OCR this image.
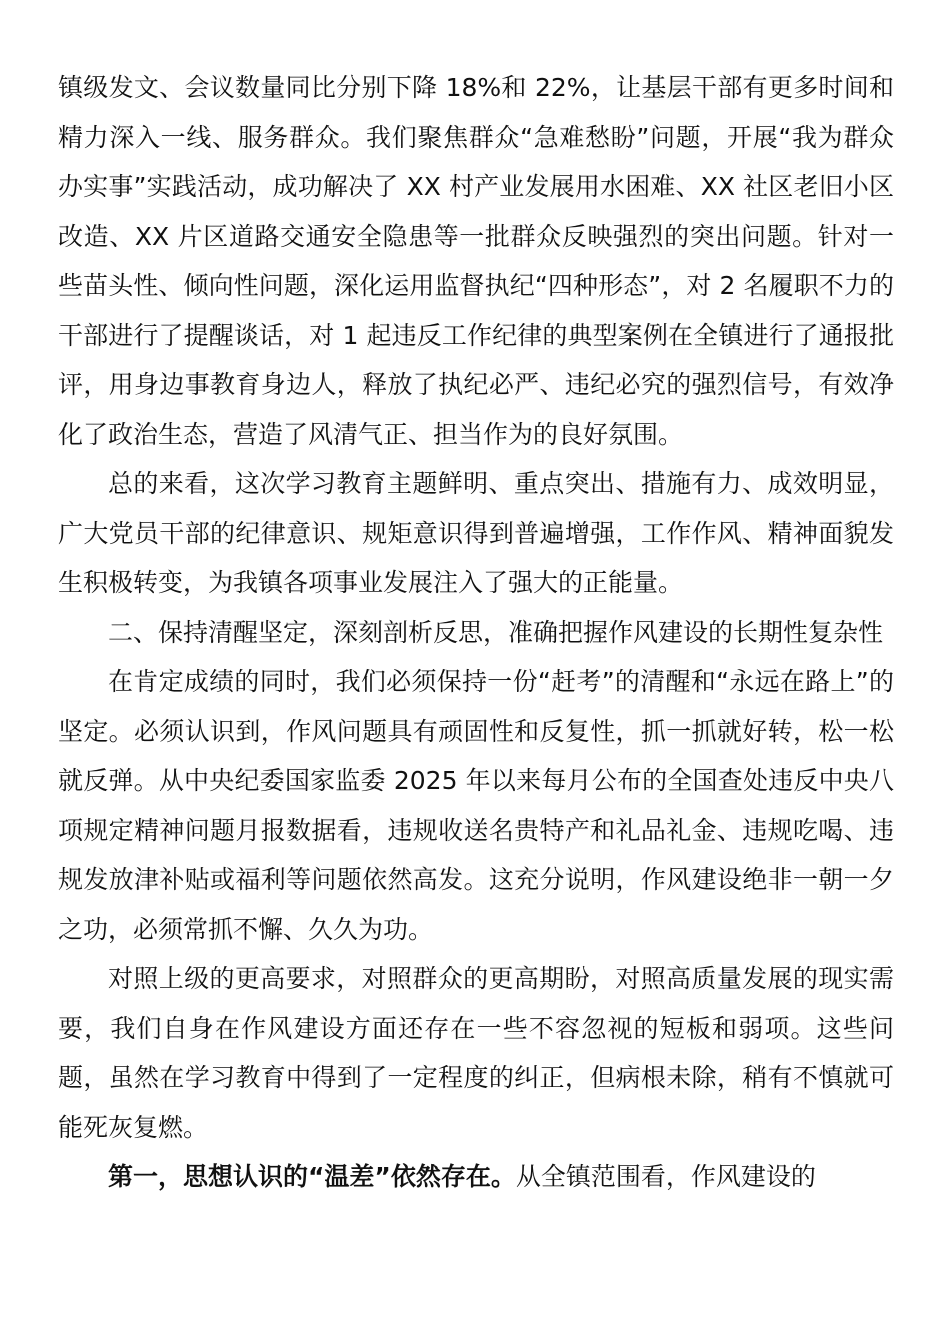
镇级发文、会议数量同比分别下降 18%和 22%，让基层干部有更多时间和精力深入一线、服务群众。我们聚焦群众“急难愁盼”问题，开展“我为群众办实事”实践活动，成功解决了 XX 村产业发展用水困难、XX 社区老旧小区改造、XX 片区道路交通安全隐患等一批群众反映强烈的突出问题。针对一些苗头性、倾向性问题，深化运用监督执纪“四种形态”，对 2 名履职不力的干部进行了提醒谈话，对 1 起违反工作纪律的典型案例在全镇进行了通报批评，用身边事教育身边人，释放了执纪必严、违纪必究的强烈信号，有效净化了政治生态，营造了风清气正、担当作为的良好氛围。

总的来看，这次学习教育主题鲜明、重点突出、措施有力、成效明显，广大党员干部的纪律意识、规矩意识得到普遍增强，工作作风、精神面貌发生积极转变，为我镇各项事业发展注入了强大的正能量。

二、保持清醒坚定，深刻剖析反思，准确把握作风建设的长期性复杂性

在肯定成绩的同时，我们必须保持一份“赶考”的清醒和“永远在路上”的坚定。必须认识到，作风问题具有顽固性和反复性，抓一抓就好转，松一松就反弹。从中央纪委国家监委 2025 年以来每月公布的全国查处违反中央八项规定精神问题月报数据看，违规收送名贵特产和礼品礼金、违规吃喝、违规发放津补贴或福利等问题依然高发。这充分说明，作风建设绝非一朝一夕之功，必须常抓不懈、久久为功。

对照上级的更高要求，对照群众的更高期盼，对照高质量发展的现实需要，我们自身在作风建设方面还存在一些不容忽视的短板和弱项。这些问题，虽然在学习教育中得到了一定程度的纠正，但病根未除，稍有不慎就可能死灰复燃。

第一，思想认识的“温差”依然存在。从全镇范围看，作风建设的
